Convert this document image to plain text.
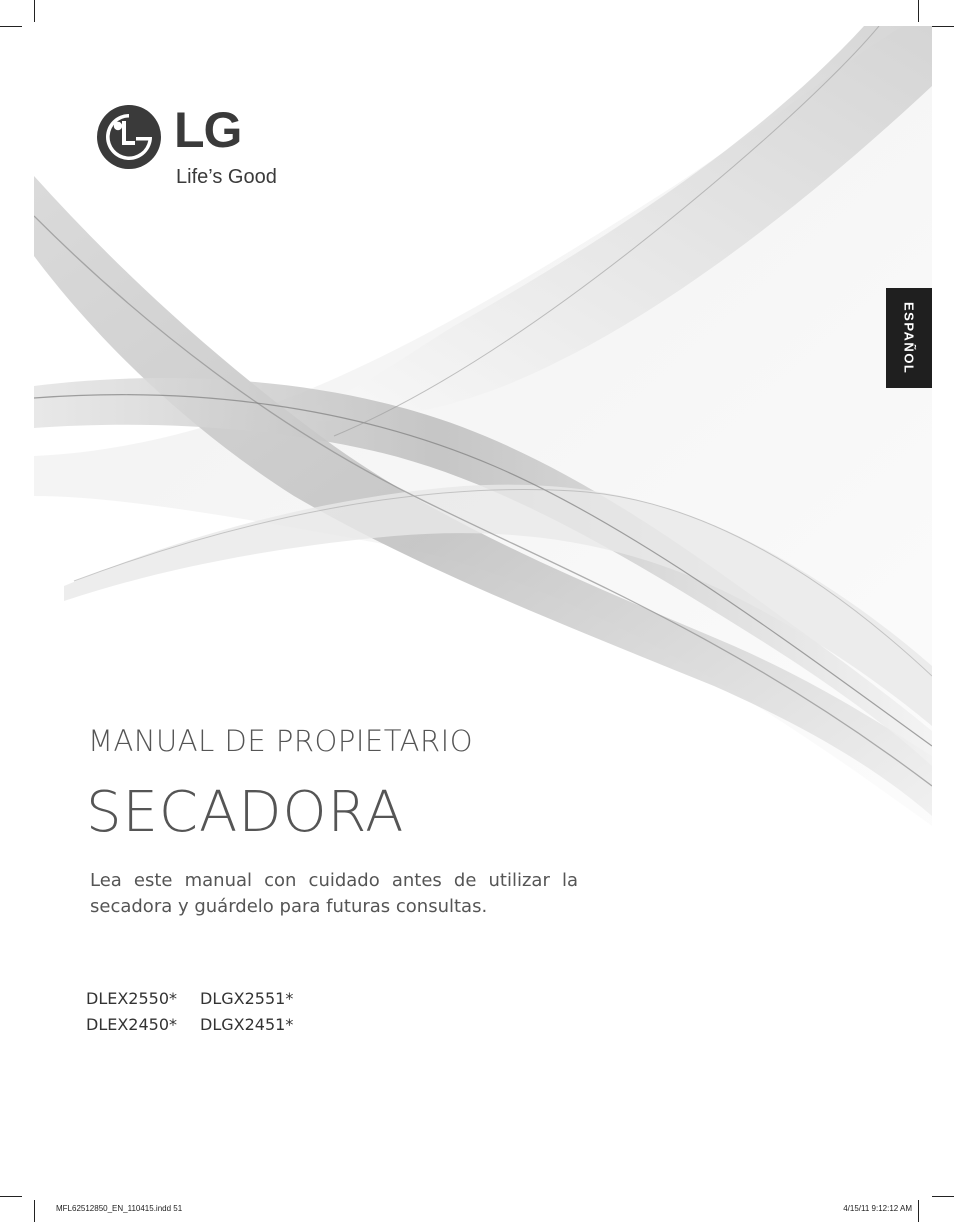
LG
Life’s Good
ESPAÑOL
MANUAL DE PROPIETARIO
SECADORA
Lea este manual con cuidado antes de utilizar la secadora y guárdelo para futuras consultas.
DLEX2550* DLGX2551*
DLEX2450* DLGX2451*
MFL62512850_EN_110415.indd 51	4/15/11 9:12:12 AM
